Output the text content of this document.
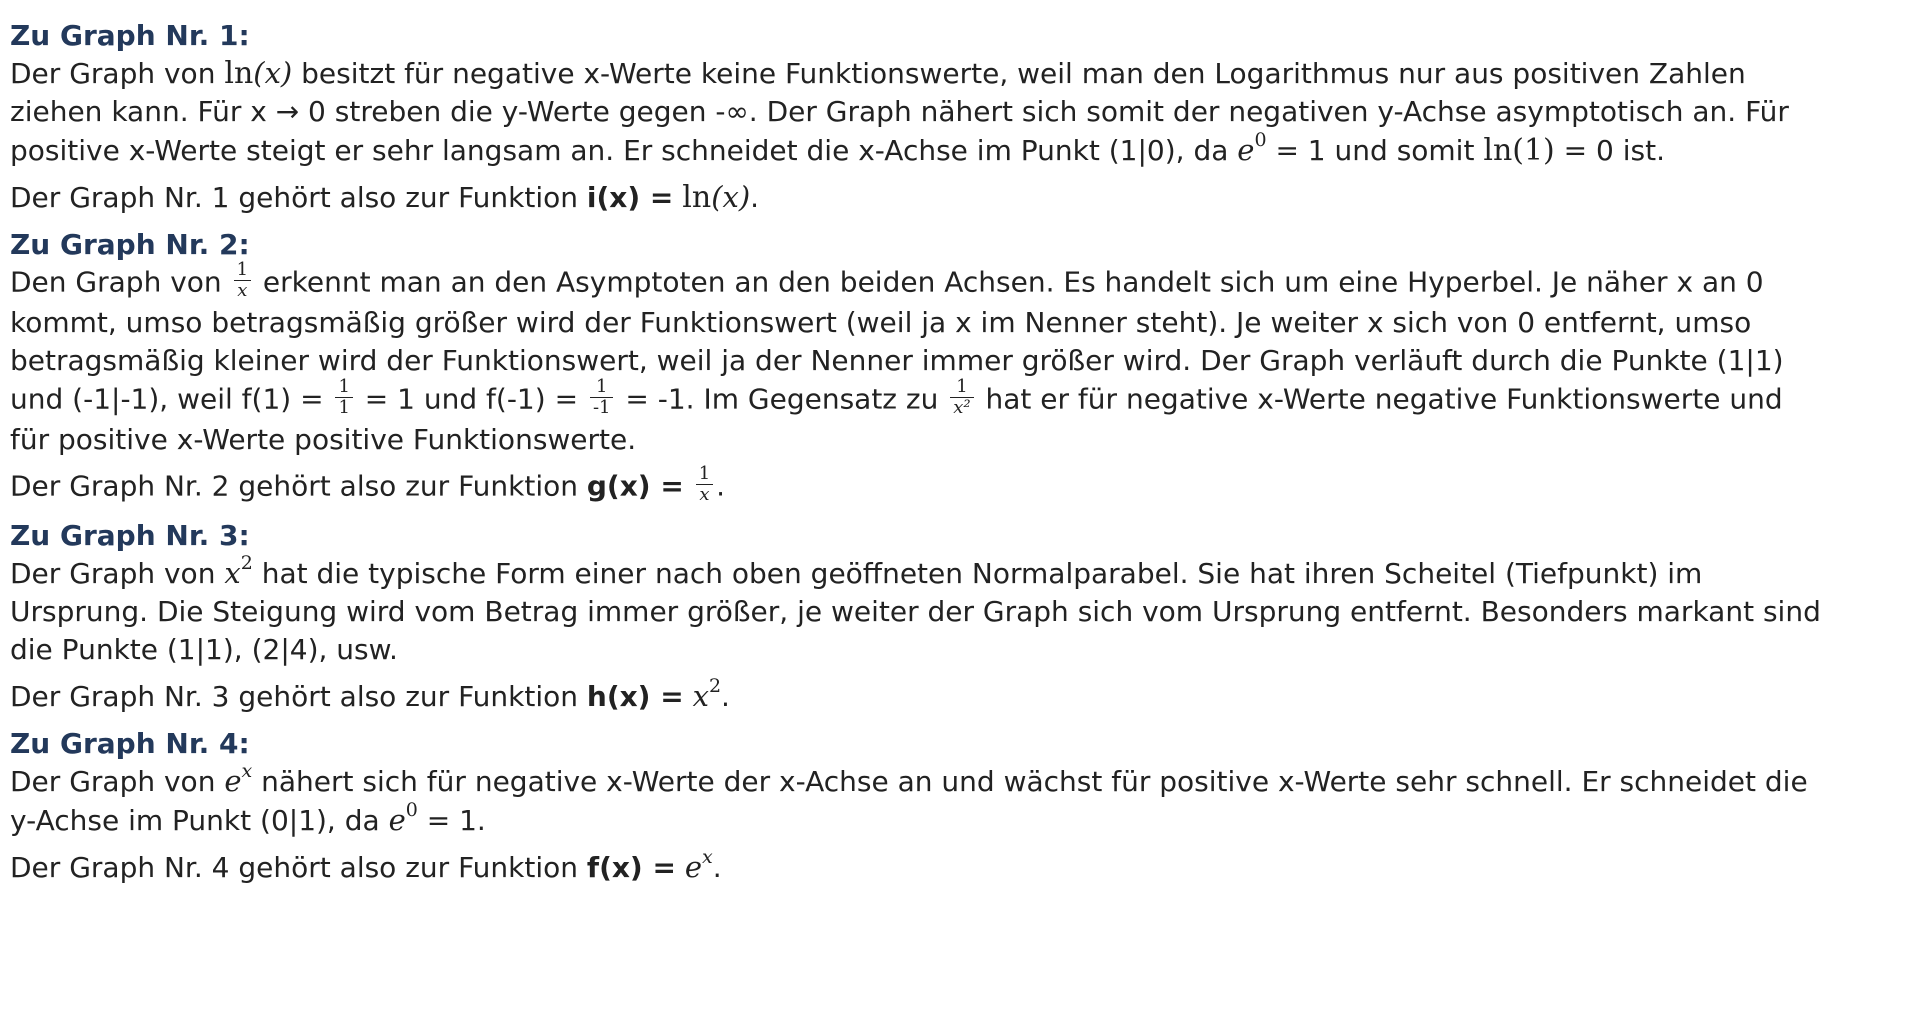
Zu Graph Nr. 1:

Der Graph von ln(x) besitzt für negative x-Werte keine Funktionswerte, weil man den Logarithmus nur aus positiven Zahlen
ziehen kann. Für x → 0 streben die y-Werte gegen -∞. Der Graph nähert sich somit der negativen y-Achse asymptotisch an. Für
positive x-Werte steigt er sehr langsam an. Er schneidet die x-Achse im Punkt (1|0), da $e^0 = 1$ und somit ln(1) = 0 ist.

Der Graph Nr. 1 gehört also zur Funktion i(x) = ln(x).

Zu Graph Nr. 2:

Den Graph von $\frac{1}{x}$ erkennt man an den Asymptoten an den beiden Achsen. Es handelt sich um eine Hyperbel. Je näher x an 0
kommt, umso betragsmäßig größer wird der Funktionswert (weil ja x im Nenner steht). Je weiter x sich von 0 entfernt, umso
betragsmäßig kleiner wird der Funktionswert, weil ja der Nenner immer größer wird. Der Graph verläuft durch die Punkte (1|1)
und (-1|-1), weil $f(1) = \frac{1}{1} = 1$ und $f(-1) = \frac{1}{-1} = -1$. Im Gegensatz zu $\frac{1}{\text{x²}}$ hat er für negative x-Werte negative Funktionswerte und
für positive x-Werte positive Funktionswerte.

Der Graph Nr. 2 gehört also zur Funktion $g(x) = \frac{1}{x}$ .

Zu Graph Nr. 3:

Der Graph von $x^2$ hat die typische Form einer nach oben geöffneten Normalparabel. Sie hat ihren Scheitel (Tiefpunkt) im
Ursprung. Die Steigung wird vom Betrag immer größer, je weiter der Graph sich vom Ursprung entfernt. Besonders markant sind
die Punkte (1|1), (2|4), usw.

Der Graph Nr. 3 gehört also zur Funktion $h(x) = x^2$.

Zu Graph Nr. 4:

Der Graph von $e^x$ nähert sich für negative x-Werte der x-Achse an und wächst für positive x-Werte sehr schnell. Er schneidet die
y-Achse im Punkt (0|1), da $e^0 = 1$.

Der Graph Nr. 4 gehört also zur Funktion $f(x) = e^x$.
